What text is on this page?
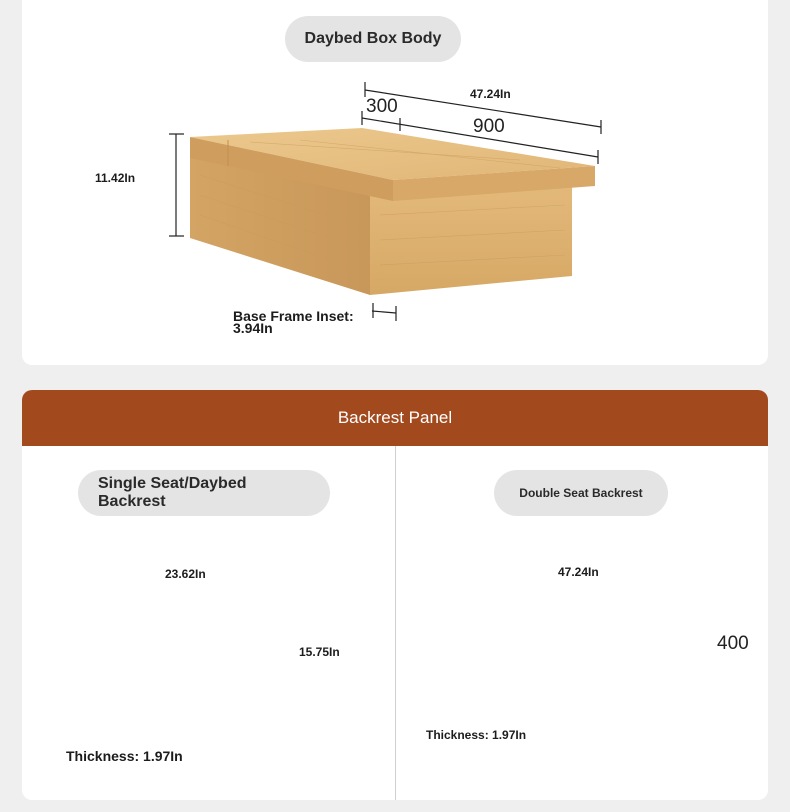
Daybed Box Body
47.24In
300
900
11.42In
Base Frame Inset:
3.94In
Backrest Panel
Single Seat/Daybed
Backrest	Double Seat Backrest
23.62In
15.75In
Thickness: 1.97In
47.24In
400
Thickness: 1.97In
